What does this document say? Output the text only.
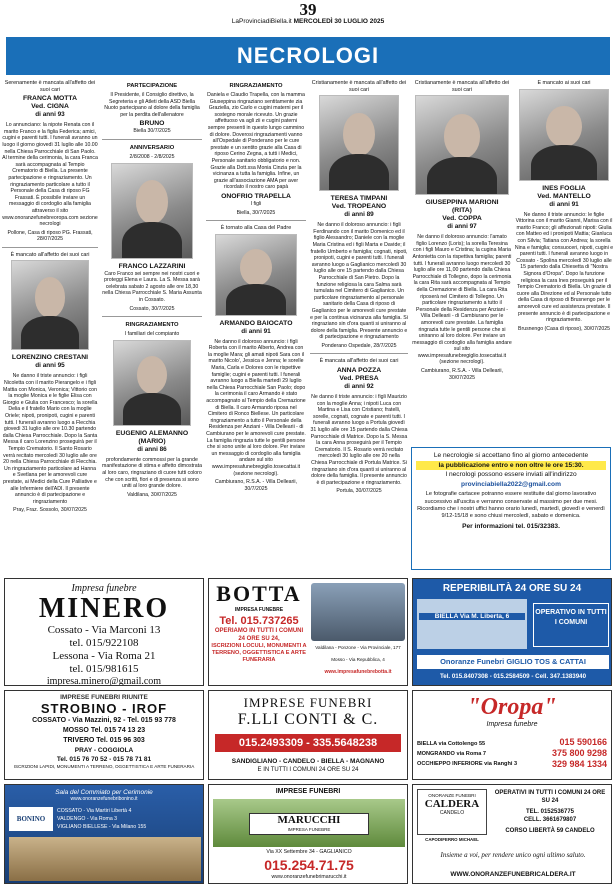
39
LaProvinciadiBiella.it MERCOLEDÌ 30 LUGLIO 2025
NECROLOGI

Serenamente è mancata all'affetto dei suoi cari

FRANCA MOTTA
Ved. CIGNA
di anni 93

Lo annunciano: la nipote Renata con il marito Franco e la figlia Federica; amici, cugini e parenti tutti. I funerali avranno un luogo il giorno giovedì 31 luglio alle 10.00 nella Chiesa Parrocchiale di San Paolo. Al termine della cerimonia, la cara Franca sarà accompagnata al Tempio Crematorio di Biella. La presente partecipazione e ringraziamento. Un ringraziamento particolare a tutto il Personale della Casa di riposo FG Frassati. È possibile inviare un messaggio di cordoglio alla famiglia attraverso il sito www.onoranzefunebreoropa.com sezione necrologi

Pollone, Casa di riposo PG. Frassati, 28/07/2025

È mancato all'affetto dei suoi cari

LORENZINO CRESTANI
di anni 95

Ne danno il triste annuncio: i figli Nicoletta con il marito Pierangelo e i figli Mattia con Monica, Veronica; Vittorio con la moglie Monica e le figlie Elisa con Giorgio e Giulia con Francesco; la sorella Delia e il fratello Mario con la moglie Oriele; nipoti, pronipoti, cugini e parenti tutti. I funerali avranno luogo a Flecchia giovedì 31 luglio alle ore 10.30 partendo dalla Chiesa Parrocchiale. Dopo la Santa Messa il caro Lorenzino proseguirà per il Tempio Crematorio. Il Santo Rosario verrà recitato mercoledì 30 luglio alle ore 20 nella Chiesa Parrocchiale di Flecchia. Un ringraziamento particolare ad Hanna e Svetlana per le amorevoli cure prestate, ai Medici della Cure Palliative e alle Infermiere dell'ADI. Il presente annuncio è di partecipazione e ringraziamento

Pray, Fraz. Sossolo, 30/07/2025

PARTECIPAZIONE

Il Presidente, il Consiglio direttivo, la Segreteria e gli Atleti della ASD Biella Nuoto partecipano al dolore della famiglia per la perdita dell'allenatore

BRUNO

Biella 30/7/2025

ANNIVERSARIO

2/8/2008 - 2/8/2025

FRANCO LAZZARINI

Caro Franco sei sempre nei nostri cuori e proteggi Elena e Laura. La S. Messa sarà celebrata sabato 2 agosto alle ore 18,30 nella Chiesa Parrocchiale S. Maria Assunta in Cossato.

Cossato, 30/7/2025

RINGRAZIAMENTO

I familiari del compianto

EUGENIO ALEMANNO
(MARIO)
di anni 86

profondamente commossi per la grande manifestazione di stima e affetto dimostrata al loro caro, ringraziano di cuore tutti coloro che con scritti, fiori e di presenza si sono uniti al loro grande dolore.

Valdilana, 30/07/2025

RINGRAZIAMENTO

Daniela e Claudio Trapella, con la mamma Giuseppina ringraziano sentitamente zia Graziella, zio Carlo e cugini materni per il sostegno morale ricevuto. Un grazie affettuoso va agli zii e cugini paterni sempre presenti in questo lungo cammino di dolore. Doverosi ringraziamenti vanno all'Ospedale di Ponderano per le cure prestate e un sentito grazie alla Casa di riposo Cerino Zegna, a tutti i Medici, Personale sanitario obbligatorio e non. Grazie alla Dott.ssa Monia Cinzia per la vicinanza a tutta la famiglia. Infine, un grazie all'associazione AMA per aver ricordato il nostro caro papà

ONOFRIO TRAPELLA

I figli

Biella, 30/7/2025

È tornato alla Casa del Padre

ARMANDO BAIOCATO
di anni 91

Ne danno il doloroso annuncio: i figli Roberta con il marito Alberto, Andrea con la moglie Mara; gli amati nipoti Sara con il marito Nicolo', Jessica e Jenna; le sorelle Maria, Carla e Dolores con le rispettive famiglie; cugini e parenti tutti. I funerali avranno luogo a Biella martedì 29 luglio nella Chiesa Parrocchiale San Paolo; dopo la cerimonia il caro Armando è stato accompagnato al Tempio della Cremazione di Biella. Il caro Armando riposa nel Cimitero di Ronco Biellese. Un particolare ringraziamento a tutto il Personale della Residenza per Anziani - Villa Dellearii - di Cambiurano per le amorevoli cure prestate. La famiglia ringrazia tutte le gentili persone che si sono unite al loro dolore. Per inviare un messaggio di cordoglio alla famiglia andare sul sito www.impresafunebregiglio.tosecattai.it (sezione necrologi).

Cambiurano, R.S.A. - Villa Dellearii, 30/7/2025

Cristianamente è mancata all'affetto dei suoi cari

TERESA TIMPANI
Ved. TROPEANO
di anni 89

Ne danno il doloroso annuncio: i figli Ferdinando con il marito Domenico ed il figlio Alessandro; Daniele con la moglie Maria Cristina ed i figli Marta e Davide; il fratello Umberto e famiglia; cognati, nipoti, pronipoti, cugini e parenti tutti. I funerali avranno luogo a Gaglianico mercoledì 30 luglio alle ore 15 partendo dalla Chiesa Parrocchiale di San Pietro. Dopo la funzione religiosa la cara Salma sarà tumulata nel Cimitero di Gaglianico. Un particolare ringraziamento al personale sanitario della Casa di riposo di Gaglianico per le amorevoli cure prestate e per la continua vicinanza alla famiglia. Si ringraziano sin d'ora quanti si uniranno al dolore della famiglia. Presente annuncio e di partecipazione e ringraziamento

Ponderano Ospedale, 28/7/2025

È mancata all'affetto dei suoi cari

ANNA POZZA
Ved. PRESA
di anni 92

Ne danno il triste annuncio: i figli Maurizio con la moglie Anna; i nipoti Luca con Martina e Lisa con Cristiano; fratelli, sorelle, cognati, cognate e parenti tutti. I funerali avranno luogo a Portula giovedì 31 luglio alle ore 15 partendo dalla Chiesa Parrocchiale di Matrice. Dopo la S. Messa la cara Anna proseguirà per il Tempio Crematorio. Il S. Rosario verrà recitato mercoledì 30 luglio alle ore 20 nella Chiesa Parrocchiale di Portula Matrice. Si ringraziano sin d'ora quanti si uniranno al dolore della famiglia. Il presente annuncio è di partecipazione e ringraziamento.

Portula, 30/07/2025

Cristianamente è mancata all'affetto dei suoi cari

GIUSEPPINA MARIONI
(RITA)
Ved. COPPA
di anni 97

Ne danno il doloroso annuncio: l'amato figlio Lorenzo (Loris); la sorella Teresina con i figli Mauro e Cristina; la cugina Maria Antonietta con la rispettiva famiglia; parenti tutti. I funerali avranno luogo mercoledì 30 luglio alle ore 11,00 partendo dalla Chiesa Parrocchiale di Tollegno, dopo la cerimonia la cara Rita sarà accompagnata al Tempio della Cremazione di Biella. La cara Rita riposerà nel Cimitero di Tollegno. Un particolare ringraziamento a tutto il Personale della Residenza per Anziani - Villa Dellearii - di Cambiurano per le amorevoli cure prestate. La famiglia ringrazia tutte le gentili persone che si uniranno al loro dolore. Per inviare un messaggio di cordoglio alla famiglia andare sul sito www.impresafunebregiglio.tosecattai.it (sezione necrologi).

Cambiurano, R.S.A. - Villa Dellearii, 30/07/2025

È mancato ai suoi cari

INES FOGLIA
Ved. MANTELLO
di anni 91

Ne danno il triste annuncio: le figlie Vittorina con il marito Gianni, Marisa con il marito Franco; gli affezionati nipoti: Giulia con Matteo ed i pronipoti Mattia; Gianluca con Silvia; Tatiana con Andrea; la sorella Nina e famiglia; consuoceri, nipoti, cugini e parenti tutti. I funerali avranno luogo in Cossato - Spolina mercoledì 30 luglio alle 15 partendo dalla Chiesetta di "Nostra Signora d'Oropa". Dopo la funzione religiosa la cara Ines proseguirà per il Tempio Crematorio di Biella. Un grazie di cuore alla Direzione ed al Personale tutto della Casa di riposo di Brusnengo per le amorevoli cure ed assistenza prestate. Il presente annuncio è di partecipazione e ringraziamento.

Brusnengo (Casa di riposo), 30/07/2025

Le necrologie si accettano fino al giorno antecedente
la pubblicazione entro e non oltre le ore 15:30.
I necrologi possono essere inviati all'indirizzo
provinciabiella2022@gmail.com
Le fotografie cartacee potranno essere restituite dal giorno lavorativo successivo all'uscita e verranno conservate al massimo per due mesi. Ricordiamo che i nostri uffici hanno orario lunedì, martedì, giovedì e venerdì 9/12-15/18 e sono chiusi mercoledì, sabato e domenica.
Per informazioni tel. 015/32383.
Impresa funebre
MINERO
Cossato - Via Marconi 13
tel. 015/922108
Lessona - Via Roma 21
tel. 015/981615
impresa.minero@gmail.com
BOTTA
IMPRESA FUNEBRE
Tel. 015.737265
OPERIAMO IN TUTTI I COMUNI
24 ORE SU 24,
ISCRIZIONI LOCULI, MONUMENTI A TERRENO, OGGETTISTICA E ARTE FUNERARIA
Valdilana - Ponzone - Via Provinciale, 177
Mosso - Via Repubblica, 4
www.impresafunebrebotta.it
REPERIBILITÀ 24 ORE SU 24
BIELLA Via M. Liberta, 6
OPERATIVO IN TUTTI I COMUNI
Onoranze Funebri GIGLIO TOS & CATTAI
Tel. 015.8407308 - 015.2584509 - Cell. 347.1383940
IMPRESE FUNEBRI RIUNITE
STROBINO - IROF
COSSATO - Via Mazzini, 92 - Tel. 015 93 778
MOSSO Tel. 015 74 13 23
TRIVERO Tel. 015 96 303
PRAY - COGGIOLA
Tel. 015 76 70 52 - 015 78 71 81
ISCRIZIONI LAPIDI, MONUMENTI A TERRENO, OGGETTISTICA E ARTE FUNERARIA
IMPRESE FUNEBRI
F.LLI CONTI & C.
015.2493309 - 335.5648238
SANDIGLIANO - CANDELO - BIELLA - MAGNANO
E IN TUTTI I COMUNI 24 ORE SU 24
"Oropa"
Impresa funebre
BIELLA via Cottolengo 55
MONGRANDO via Roma 7
OCCHIEPPO INFERIORE via Ranghi 3
015 590166
375 800 9298
329 984 1334
Sala del Commiato per Cerimonie
www.onoranzefunebribonino.it
BONINO
COSSATO - Via Martiri Libertà 4
VALDENGO - Via Roma 3
VIGLIANO BIELLESE - Via Milano 155
IMPRESE FUNEBRI
MARUCCHI
IMPRESA FUNEBRE
Via XX Settembre 34 - GAGLIANICO
015.254.71.75
www.onoranzefunebrimarucchi.it
ONORANZE FUNEBRI
CALDERA
CANDELO
CAPODIFERRO MICHAEL
OPERATIVI IN TUTTI I COMUNI 24 ORE SU 24
TEL. 0152536775
CELL. 3661679807
CORSO LIBERTÀ 59 CANDELO
Insieme a voi, per rendere unico ogni ultimo saluto.
WWW.ONORANZEFUNEBRICALDERA.IT
